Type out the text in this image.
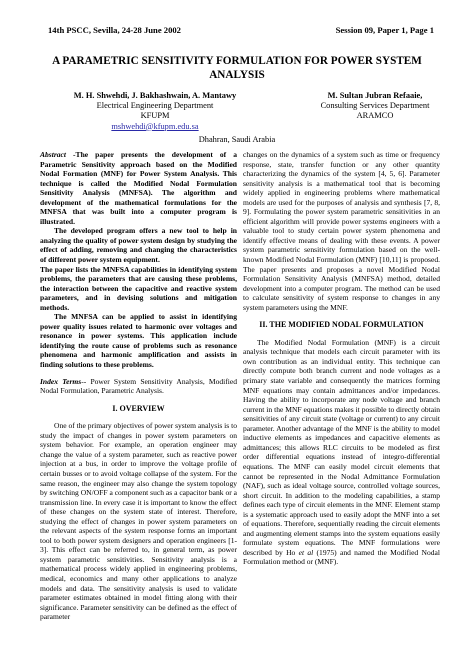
14th PSCC, Sevilla, 24-28 June 2002	Session 09, Paper 1, Page 1
A PARAMETRIC SENSITIVITY FORMULATION FOR POWER SYSTEM
ANALYSIS
M. H. Shwehdi, J. Bakhashwain, A. Mantawy
Electrical Engineering Department
KFUPM
mshwehdi@kfupm.edu.sa
M. Sultan Jubran Refaaie,
Consulting Services Department
ARAMCO
Dhahran, Saudi Arabia

Abstract -The paper presents the development of a Parametric Sensitivity approach based on the Modified Nodal Formation (MNF) for Power System Analysis. This technique is called the Modified Nodal Formulation Sensitivity Analysis (MNFSA). The algorithm and development of the mathematical formulations for the MNFSA that was built into a computer program is illustrated.

The developed program offers a new tool to help in analyzing the quality of power system design by studying the effect of adding, removing and changing the characteristics of different power system equipment.

The paper lists the MNFSA capabilities in identifying system problems, the parameters that are causing these problems, the interaction between the capacitive and reactive system parameters, and in devising solutions and mitigation methods.

The MNFSA can be applied to assist in identifying power quality issues related to harmonic over voltages and resonance in power systems. This application include identifying the route cause of problems such as resonance phenomena and harmonic amplification and assists in finding solutions to these problems.

Index Terms-- Power System Sensitivity Analysis, Modified Nodal Formulation, Parametric Analysis.

I. OVERVIEW

One of the primary objectives of power system analysis is to study the impact of changes in power system parameters on system behavior. For example, an operation engineer may change the value of a system parameter, such as reactive power injection at a bus, in order to improve the voltage profile of certain busses or to avoid voltage collapse of the system. For the same reason, the engineer may also change the system topology by switching ON/OFF a component such as a capacitor bank or a transmission line. In every case it is important to know the effect of these changes on the system state of interest. Therefore, studying the effect of changes in power system parameters on the relevant aspects of the system response forms an important tool to both power system designers and operation engineers [1-3]. This effect can be referred to, in general term, as power system parametric sensitivities. Sensitivity analysis is a mathematical process widely applied in engineering problems, medical, economics and many other applications to analyze models and data. The sensitivity analysis is used to validate parameter estimates obtained in model fitting along with their significance. Parameter sensitivity can be defined as the effect of parameter

changes on the dynamics of a system such as time or frequency response, state, transfer function or any other quantity characterizing the dynamics of the system [4, 5, 6]. Parameter sensitivity analysis is a mathematical tool that is becoming widely applied in engineering problems where mathematical models are used for the purposes of analysis and synthesis [7, 8, 9]. Formulating the power system parametric sensitivities in an efficient algorithm will provide power systems engineers with a valuable tool to study certain power system phenomena and identify effective means of dealing with these events. A power system parametric sensitivity formulation based on the well-known Modified Nodal Formulation (MNF) [10,11] is proposed. The paper presents and proposes a novel Modified Nodal Formulation Sensitivity Analysis (MNFSA) method, detailed development into a computer program. The method can be used to calculate sensitivity of system response to changes in any system parameters using the MNF.

II. THE MODIFIED NODAL FORMULATION

The Modified Nodal Formulation (MNF) is a circuit analysis technique that models each circuit parameter with its own contribution as an individual entity. This technique can directly compute both branch current and node voltages as a primary state variable and consequently the matrices forming MNF equations may contain admittances and/or impedances. Having the ability to incorporate any node voltage and branch current in the MNF equations makes it possible to directly obtain sensitivities of any circuit state (voltage or current) to any circuit parameter. Another advantage of the MNF is the ability to model inductive elements as impedances and capacitive elements as admittances; this allows RLC circuits to be modeled as first order differential equations instead of integro-differential equations. The MNF can easily model circuit elements that cannot be represented in the Nodal Admittance Formulation (NAF), such as ideal voltage source, controlled voltage sources, short circuit. In addition to the modeling capabilities, a stamp defines each type of circuit elements in the MNF. Element stamp is a systematic approach used to easily adopt the MNF into a set of equations. Therefore, sequentially reading the circuit elements and augmenting element stamps into the system equations easily formulate system equations. The MNF formulations were described by Ho et al (1975) and named the Modified Nodal Formulation method or (MNF).
